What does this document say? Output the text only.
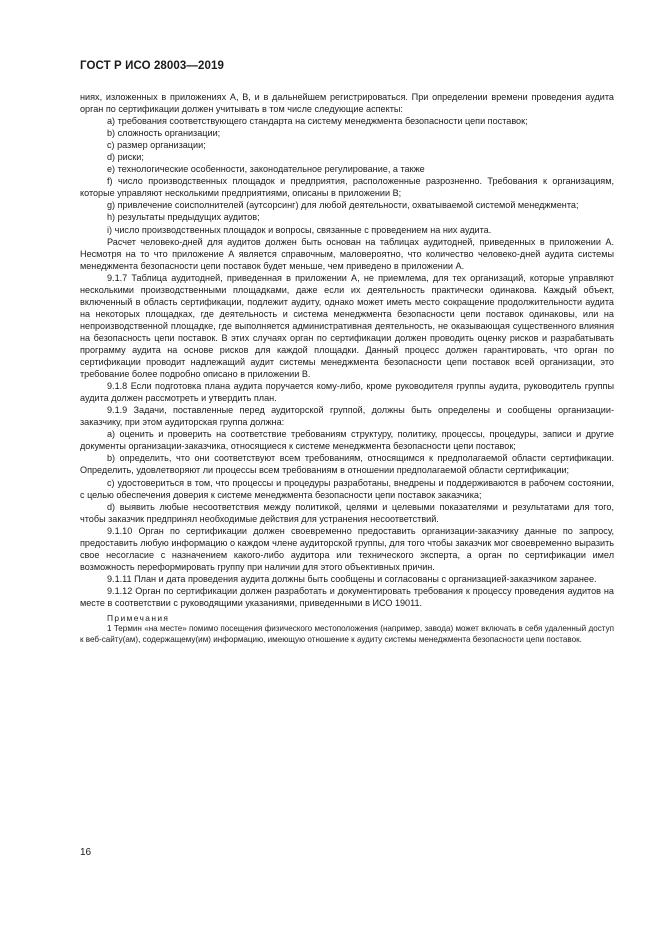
ГОСТ Р ИСО 28003—2019

ниях, изложенных в приложениях А, В, и в дальнейшем регистрироваться. При определении времени проведения аудита орган по сертификации должен учитывать в том числе следующие аспекты:

a) требования соответствующего стандарта на систему менеджмента безопасности цепи поставок;

b) сложность организации;

c) размер организации;

d) риски;

e) технологические особенности, законодательное регулирование, а также

f) число производственных площадок и предприятия, расположенные разрозненно. Требования к организациям, которые управляют несколькими предприятиями, описаны в приложении В;

g) привлечение соисполнителей (аутсорсинг) для любой деятельности, охватываемой системой менеджмента;

h) результаты предыдущих аудитов;

i) число производственных площадок и вопросы, связанные с проведением на них аудита.

Расчет человеко-дней для аудитов должен быть основан на таблицах аудитодней, приведенных в приложении А. Несмотря на то что приложение А является справочным, маловероятно, что количество человеко-дней аудита системы менеджмента безопасности цепи поставок будет меньше, чем приведено в приложении А.

9.1.7 Таблица аудитодней, приведенная в приложении А, не приемлема, для тех организаций, которые управляют несколькими производственными площадками, даже если их деятельность практически одинакова. Каждый объект, включенный в область сертификации, подлежит аудиту, однако может иметь место сокращение продолжительности аудита на некоторых площадках, где деятельность и система менеджмента безопасности цепи поставок одинаковы, или на непроизводственной площадке, где выполняется административная деятельность, не оказывающая существенного влияния на безопасность цепи поставок. В этих случаях орган по сертификации должен проводить оценку рисков и разрабатывать программу аудита на основе рисков для каждой площадки. Данный процесс должен гарантировать, что орган по сертификации проводит надлежащий аудит системы менеджмента безопасности цепи поставок всей организации, это требование более подробно описано в приложении В.

9.1.8 Если подготовка плана аудита поручается кому-либо, кроме руководителя группы аудита, руководитель группы аудита должен рассмотреть и утвердить план.

9.1.9 Задачи, поставленные перед аудиторской группой, должны быть определены и сообщены организации-заказчику, при этом аудиторская группа должна:

a) оценить и проверить на соответствие требованиям структуру, политику, процессы, процедуры, записи и другие документы организации-заказчика, относящиеся к системе менеджмента безопасности цепи поставок;

b) определить, что они соответствуют всем требованиям, относящимся к предполагаемой области сертификации. Определить, удовлетворяют ли процессы всем требованиям в отношении предполагаемой области сертификации;

c) удостовериться в том, что процессы и процедуры разработаны, внедрены и поддерживаются в рабочем состоянии, с целью обеспечения доверия к системе менеджмента безопасности цепи поставок заказчика;

d) выявить любые несоответствия между политикой, целями и целевыми показателями и результатами для того, чтобы заказчик предпринял необходимые действия для устранения несоответствий.

9.1.10 Орган по сертификации должен своевременно предоставить организации-заказчику данные по запросу, предоставить любую информацию о каждом члене аудиторской группы, для того чтобы заказчик мог своевременно выразить свое несогласие с назначением какого-либо аудитора или технического эксперта, а орган по сертификации имел возможность переформировать группу при наличии для этого объективных причин.

9.1.11 План и дата проведения аудита должны быть сообщены и согласованы с организацией-заказчиком заранее.

9.1.12 Орган по сертификации должен разработать и документировать требования к процессу проведения аудитов на месте в соответствии с руководящими указаниями, приведенными в ИСО 19011.

Примечания

1 Термин «на месте» помимо посещения физического местоположения (например, завода) может включать в себя удаленный доступ к веб-сайту(ам), содержащему(им) информацию, имеющую отношение к аудиту системы менеджмента безопасности цепи поставок.

16
